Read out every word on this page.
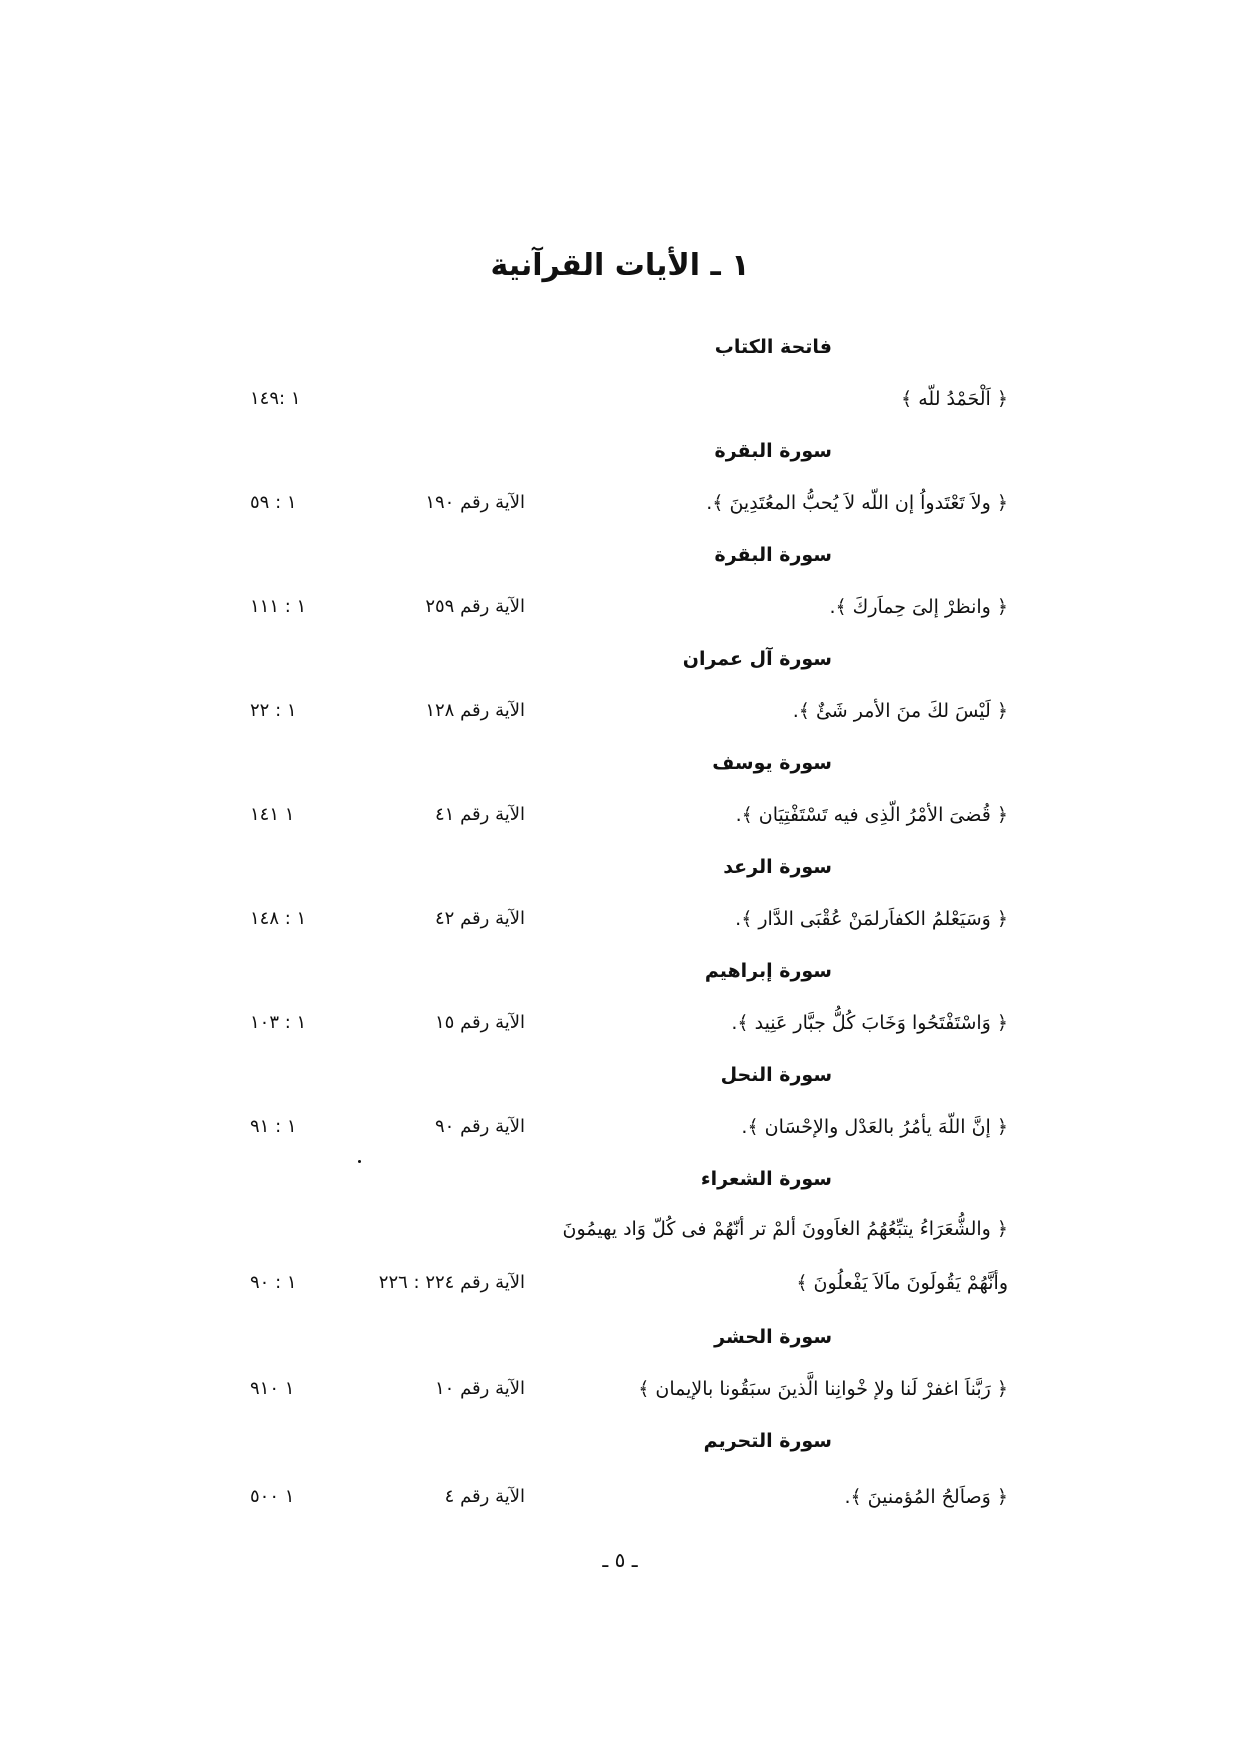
١ ـ الأيات القرآنية
فاتحة الكتاب
﴿ اَلْحَمْدُ للّه ﴾
١ :١٤٩
سورة البقرة
﴿ ولاَ تَعْتَدواُ إن اللّه لاَ يُحبُّ المعُتَدِينَ ﴾.
الآية رقم ١٩٠
١ : ٥٩
سورة البقرة
﴿ وانظرْ إلىَ حِماَركَ ﴾.
الآية رقم ٢٥٩
١ : ١١١
سورة آل عمران
﴿ لَيْسَ لكَ منَ الأمر شَئٌ ﴾.
الآية رقم ١٢٨
١ : ٢٢
سورة يوسف
﴿ قُضىَ الأمْرُ الّذِى فيه تَسْتَفْتِيَان ﴾.
الآية رقم ٤١
١ ١٤١
سورة الرعد
﴿ وَسَيَعْلمُ الكفاَرلمَنْ عُقْبَى الدَّار ﴾.
الآية رقم ٤٢
١ : ١٤٨
سورة إبراهيم
﴿ وَاسْتَفْتَحُوا وَخَابَ كُلُّ جبَّار عَنِيد ﴾.
الآية رقم ١٥
١ : ١٠٣
سورة النحل
﴿ إنَّ اللّهَ يأمُرُ بالعَدْل والإحْسَان ﴾.
الآية رقم ٩٠
١ : ٩١
سورة الشعراء
﴿ والشُّعَرَاءُ يتبِّعُهُمُ الغاَوونَ ألمْ تر أنّهُمْ فى كُلّ وَاد يهيمُونَ
وأنَّهُمْ يَقُولَونَ ماَلاَ يَفْعلُونَ ﴾
الآية رقم ٢٢٤ : ٢٢٦
١ : ٩٠
سورة الحشر
﴿ رَبَّناَ اغفرْ لَنا ولإ خْوانِنا الَّذينَ سبَقُونا بالإيمان ﴾
الآية رقم ١٠
١ ٩١٠
سورة التحريم
﴿ وَصاَلحُ المُؤمنينَ ﴾.
الآية رقم ٤
١ ٥٠٠
ـ ٥ ـ
